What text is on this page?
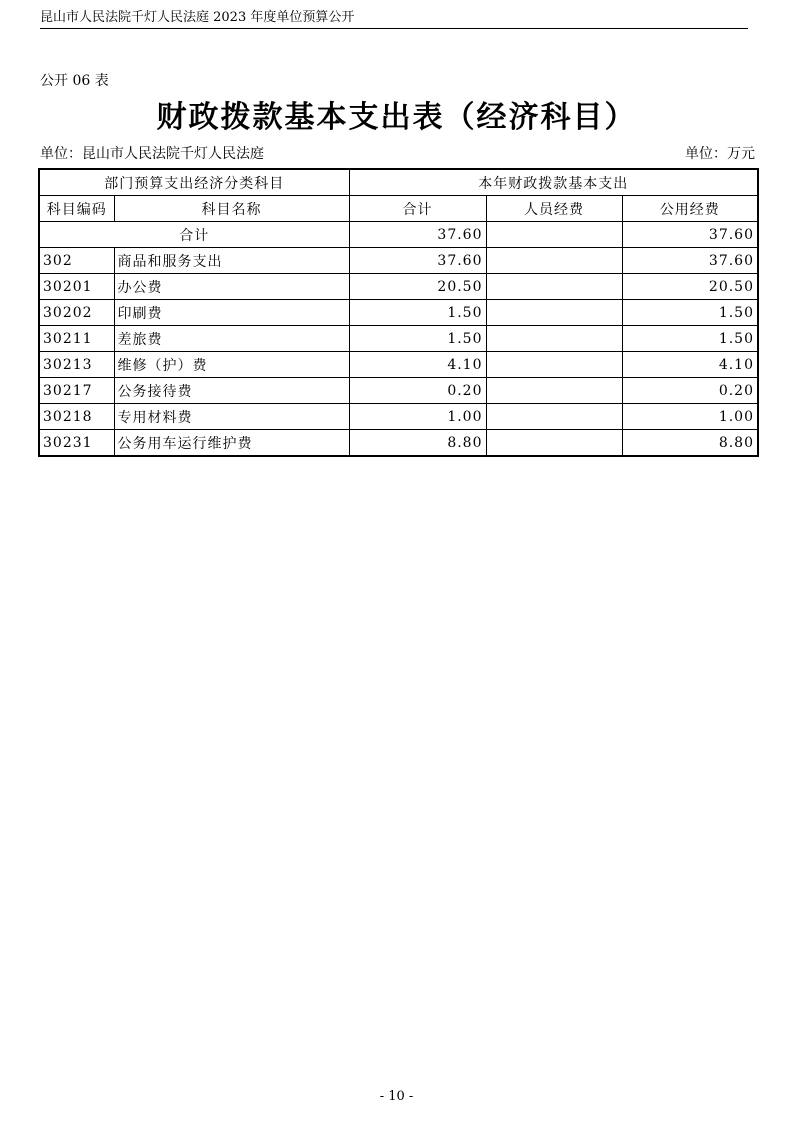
昆山市人民法院千灯人民法庭 2023 年度单位预算公开
公开 06 表
财政拨款基本支出表（经济科目）
单位：昆山市人民法院千灯人民法庭	单位：万元
部门预算支出经济分类科目		本年财政拨款基本支出		
科目编码	科目名称	合计	人员经费	公用经费
合计		37.60		37.60
302	商品和服务支出	37.60		37.60
30201	办公费	20.50		20.50
30202	印刷费	1.50		1.50
30211	差旅费	1.50		1.50
30213	维修（护）费	4.10		4.10
30217	公务接待费	0.20		0.20
30218	专用材料费	1.00		1.00
30231	公务用车运行维护费	8.80		8.80
- 10 -
